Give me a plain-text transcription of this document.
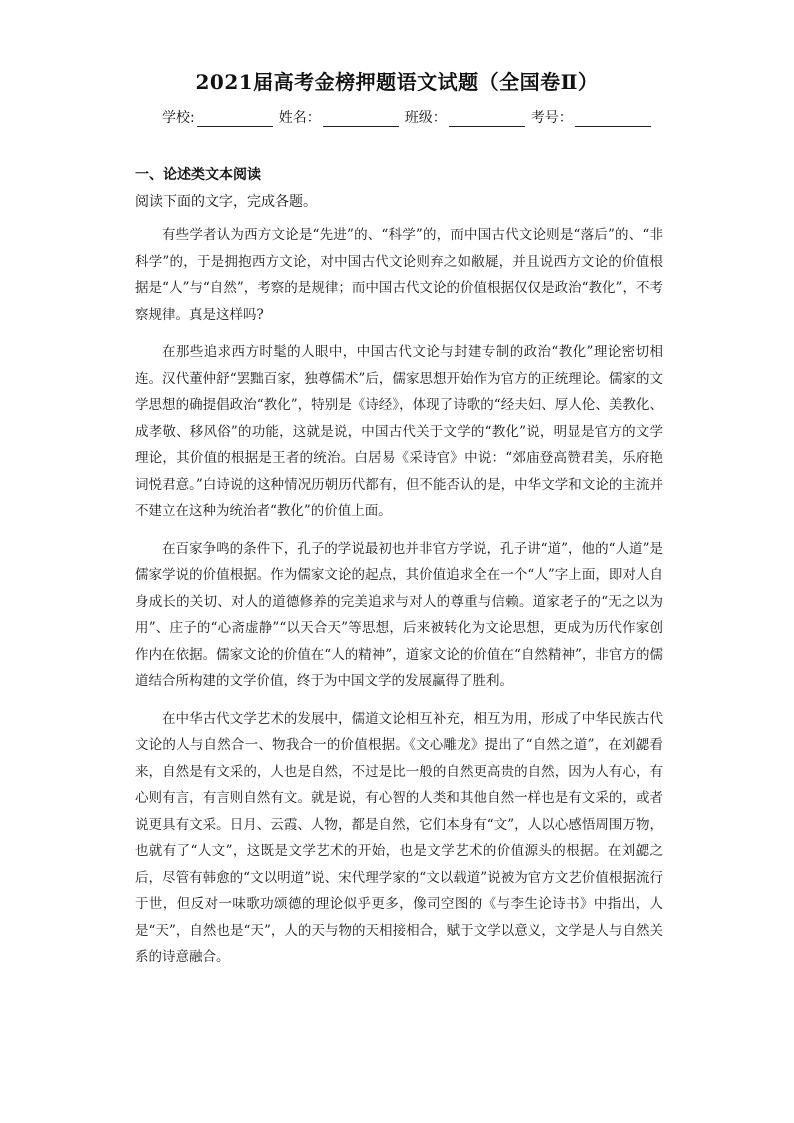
2021届高考金榜押题语文试题（全国卷Ⅱ）
学校:	姓名：	班级：	考号：
一、论述类文本阅读
阅读下面的文字，完成各题。

有些学者认为西方文论是“先进”的、“科学”的，而中国古代文论则是“落后”的、“非科学”的，于是拥抱西方文论，对中国古代文论则弃之如敝屣，并且说西方文论的价值根据是“人”与“自然”，考察的是规律；而中国古代文论的价值根据仅仅是政治“教化”，不考察规律。真是这样吗?

在那些追求西方时髦的人眼中，中国古代文论与封建专制的政治“教化”理论密切相连。汉代董仲舒“罢黜百家，独尊儒术”后，儒家思想开始作为官方的正统理论。儒家的文学思想的确提倡政治“教化”，特别是《诗经》，体现了诗歌的“经夫妇、厚人伦、美教化、成孝敬、移风俗”的功能，这就是说，中国古代关于文学的“教化”说，明显是官方的文学理论，其价值的根据是王者的统治。白居易《采诗官》中说：“郊庙登高赞君美，乐府艳词悦君意。”白诗说的这种情况历朝历代都有，但不能否认的是，中华文学和文论的主流并不建立在这种为统治者“教化”的价值上面。

在百家争鸣的条件下，孔子的学说最初也并非官方学说，孔子讲“道”，他的“人道”是儒家学说的价值根据。作为儒家文论的起点，其价值追求全在一个“人”字上面，即对人自身成长的关切、对人的道德修养的完美追求与对人的尊重与信赖。道家老子的“无之以为用”、庄子的“心斋虚静”“以天合天”等思想，后来被转化为文论思想，更成为历代作家创作内在依据。儒家文论的价值在“人的精神”，道家文论的价值在“自然精神”，非官方的儒道结合所构建的文学价值，终于为中国文学的发展赢得了胜利。

在中华古代文学艺术的发展中，儒道文论相互补充，相互为用，形成了中华民族古代文论的人与自然合一、物我合一的价值根据。《文心雕龙》提出了“自然之道”，在刘勰看来，自然是有文采的，人也是自然，不过是比一般的自然更高贵的自然，因为人有心，有心则有言，有言则自然有文。就是说，有心智的人类和其他自然一样也是有文采的，或者说更具有文采。日月、云霞、人物，都是自然，它们本身有“文”，人以心感悟周围万物，也就有了“人文”，这既是文学艺术的开始，也是文学艺术的价值源头的根据。在刘勰之后，尽管有韩愈的“文以明道”说、宋代理学家的“文以载道”说被为官方文艺价值根据流行于世，但反对一味歌功颂德的理论似乎更多，像司空图的《与李生论诗书》中指出，人是“天”，自然也是“天”，人的天与物的天相接相合，赋于文学以意义，文学是人与自然关系的诗意融合。
